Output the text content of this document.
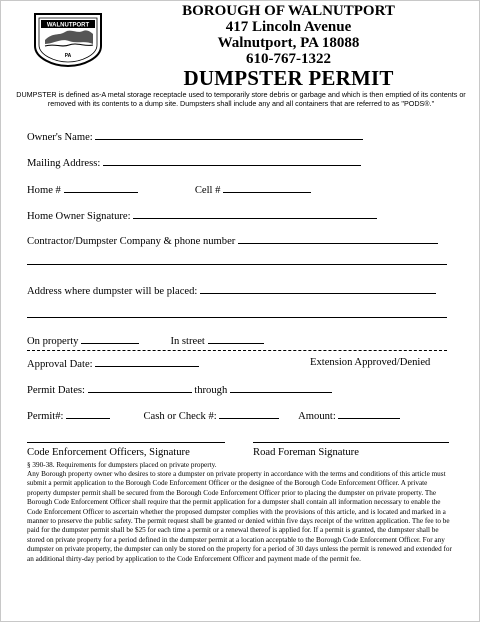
WALNUTPORT
PA
BOROUGH OF WALNUTPORT
417 Lincoln Avenue
Walnutport, PA 18088
610-767-1322
DUMPSTER PERMIT
DUMPSTER is defined as-A metal storage receptacle used to temporarily store debris or garbage and which is then emptied of its contents or removed with its contents to a dump site. Dumpsters shall include any and all containers that are referred to as "PODS®."
Owner's Name:
Mailing Address:
Home #	Cell #
Home Owner Signature:
Contractor/Dumpster Company & phone number
Address where dumpster will be placed:
On property	In street
Approval Date:	Extension Approved/Denied
Permit Dates:	through
Permit#:	Cash or Check #:	Amount:
Code Enforcement Officers, Signature	Road Foreman Signature
§ 390-38. Requirements for dumpsters placed on private property.
Any Borough property owner who desires to store a dumpster on private property in accordance with the terms and conditions of this article must submit a permit application to the Borough Code Enforcement Officer or the designee of the Borough Code Enforcement Officer. A private property dumpster permit shall be secured from the Borough Code Enforcement Officer prior to placing the dumpster on private property. The Borough Code Enforcement Officer shall require that the permit application for a dumpster shall contain all information necessary to enable the Code Enforcement Officer to ascertain whether the proposed dumpster complies with the provisions of this article, and is located and marked in a manner to preserve the public safety. The permit request shall be granted or denied within five days receipt of the written application. The fee to be paid for the dumpster permit shall be $25 for each time a permit or a renewal thereof is applied for. If a permit is granted, the dumpster shall be stored on private property for a period defined in the dumpster permit at a location acceptable to the Borough Code Enforcement Officer. For any dumpster on private property, the dumpster can only be stored on the property for a period of 30 days unless the permit is renewed and extended for an additional thirty-day period by application to the Code Enforcement Officer and payment made of the permit fee.
